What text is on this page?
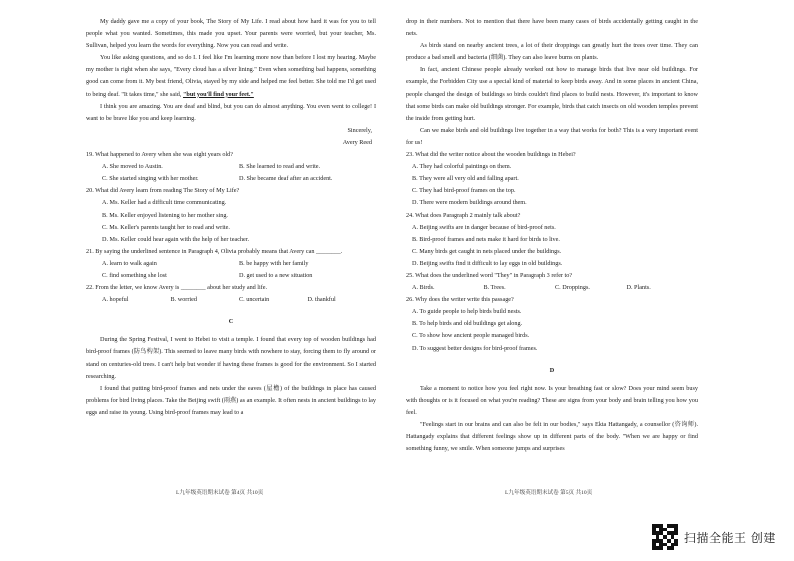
My daddy gave me a copy of your book, The Story of My Life. I read about how hard it was for you to tell people what you wanted. Sometimes, this made you upset. Your parents were worried, but your teacher, Ms. Sullivan, helped you learn the words for everything. Now you can read and write.

You like asking questions, and so do I. I feel like I'm learning more now than before I lost my hearing. Maybe my mother is right when she says, "Every cloud has a silver lining." Even when something bad happens, something good can come from it. My best friend, Olivia, stayed by my side and helped me feel better. She told me I'd get used to being deaf. "It takes time," she said, "but you'll find your feet."

I think you are amazing. You are deaf and blind, but you can do almost anything. You even went to college! I want to be brave like you and keep learning.

Sincerely,

Avery Reed

19. What happened to Avery when she was eight years old?

A. She moved to Austin.	B. She learned to read and write.
C. She started singing with her mother.	D. She became deaf after an accident.

20. What did Avery learn from reading The Story of My Life?

A. Ms. Keller had a difficult time communicating.

B. Ms. Keller enjoyed listening to her mother sing.

C. Ms. Keller's parents taught her to read and write.

D. Ms. Keller could hear again with the help of her teacher.

21. By saying the underlined sentence in Paragraph 4, Olivia probably means that Avery can ________.

A. learn to walk again	B. be happy with her family
C. find something she lost	D. get used to a new situation

22. From the letter, we know Avery is ________ about her study and life.

A. hopeful	B. worried	C. uncertain	D. thankful

C

During the Spring Festival, I went to Hebei to visit a temple. I found that every top of wooden buildings had bird-proof frames (防鸟构架). This seemed to leave many birds with nowhere to stay, forcing them to fly around or stand on centuries-old trees. I can't help but wonder if having these frames is good for the environment. So I started researching.

I found that putting bird-proof frames and nets under the eaves (屋檐) of the buildings in place has caused problems for bird living places. Take the Beijing swift (雨燕) as an example. It often nests in ancient buildings to lay eggs and raise its young. Using bird-proof frames may lead to a

drop in their numbers. Not to mention that there have been many cases of birds accidentally getting caught in the nets.

As birds stand on nearby ancient trees, a lot of their droppings can greatly hurt the trees over time. They can produce a bad smell and bacteria (细菌). They can also leave burns on plants.

In fact, ancient Chinese people already worked out how to manage birds that live near old buildings. For example, the Forbidden City use a special kind of material to keep birds away. And in some places in ancient China, people changed the design of buildings so birds couldn't find places to build nests. However, it's important to know that some birds can make old buildings stronger. For example, birds that catch insects on old wooden temples prevent the inside from getting hurt.

Can we make birds and old buildings live together in a way that works for both? This is a very important event for us!

23. What did the writer notice about the wooden buildings in Hebei?

A. They had colorful paintings on them.

B. They were all very old and falling apart.

C. They had bird-proof frames on the top.

D. There were modern buildings around them.

24. What does Paragraph 2 mainly talk about?

A. Beijing swifts are in danger because of bird-proof nets.

B. Bird-proof frames and nets make it hard for birds to live.

C. Many birds get caught in nets placed under the buildings.

D. Beijing swifts find it difficult to lay eggs in old buildings.

25. What does the underlined word "They" in Paragraph 3 refer to?

A. Birds.	B. Trees.	C. Droppings.	D. Plants.

26. Why does the writer write this passage?

A. To guide people to help birds build nests.

B. To help birds and old buildings get along.

C. To show how ancient people managed birds.

D. To suggest better designs for bird-proof frames.

D

Take a moment to notice how you feel right now. Is your breathing fast or slow? Does your mind seem busy with thoughts or is it focused on what you're reading? These are signs from your body and brain telling you how you feel.

"Feelings start in our brains and can also be felt in our bodies," says Ekta Hattangady, a counsellor (咨询师). Hattangady explains that different feelings show up in different parts of the body. "When we are happy or find something funny, we smile. When someone jumps and surprises

L九年级英语期末试卷 第4页 共10页	L九年级英语期末试卷 第5页 共10页
扫描全能王 创建
